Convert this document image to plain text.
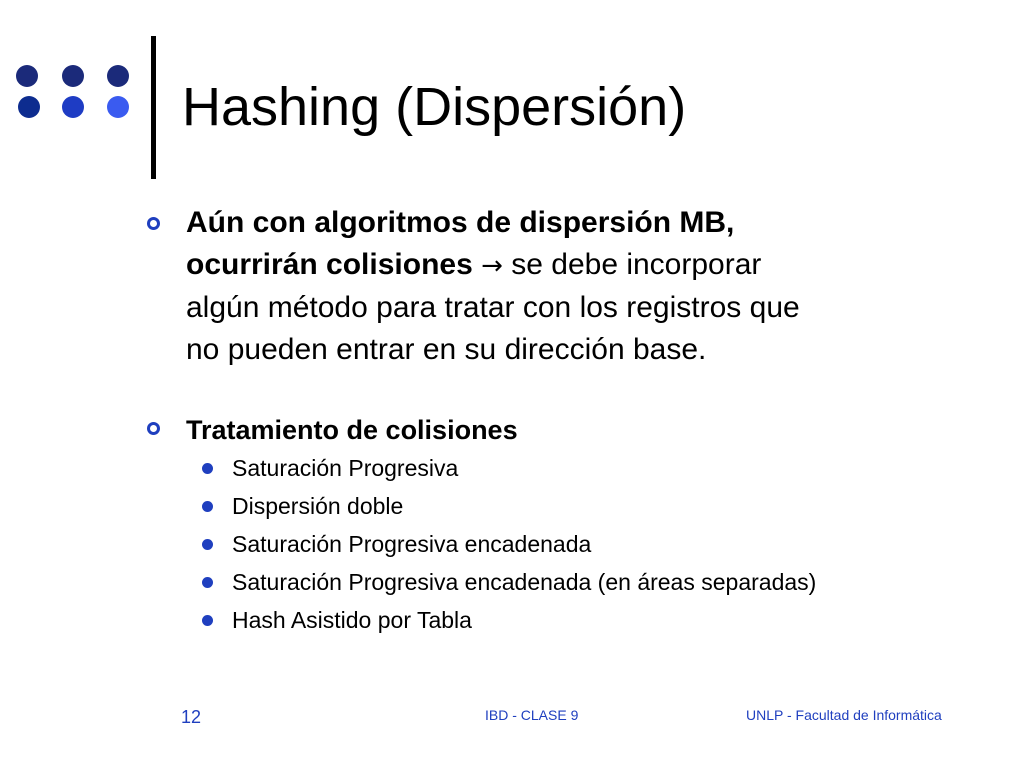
Hashing (Dispersión)

Aún con algoritmos de dispersión MB,
ocurrirán colisiones → se debe incorporar
algún método para tratar con los registros que
no pueden entrar en su dirección base.

Tratamiento de colisiones

Saturación Progresiva
Dispersión doble
Saturación Progresiva encadenada
Saturación Progresiva encadenada (en áreas separadas)
Hash Asistido por Tabla
12	IBD - CLASE 9	UNLP - Facultad de Informática
